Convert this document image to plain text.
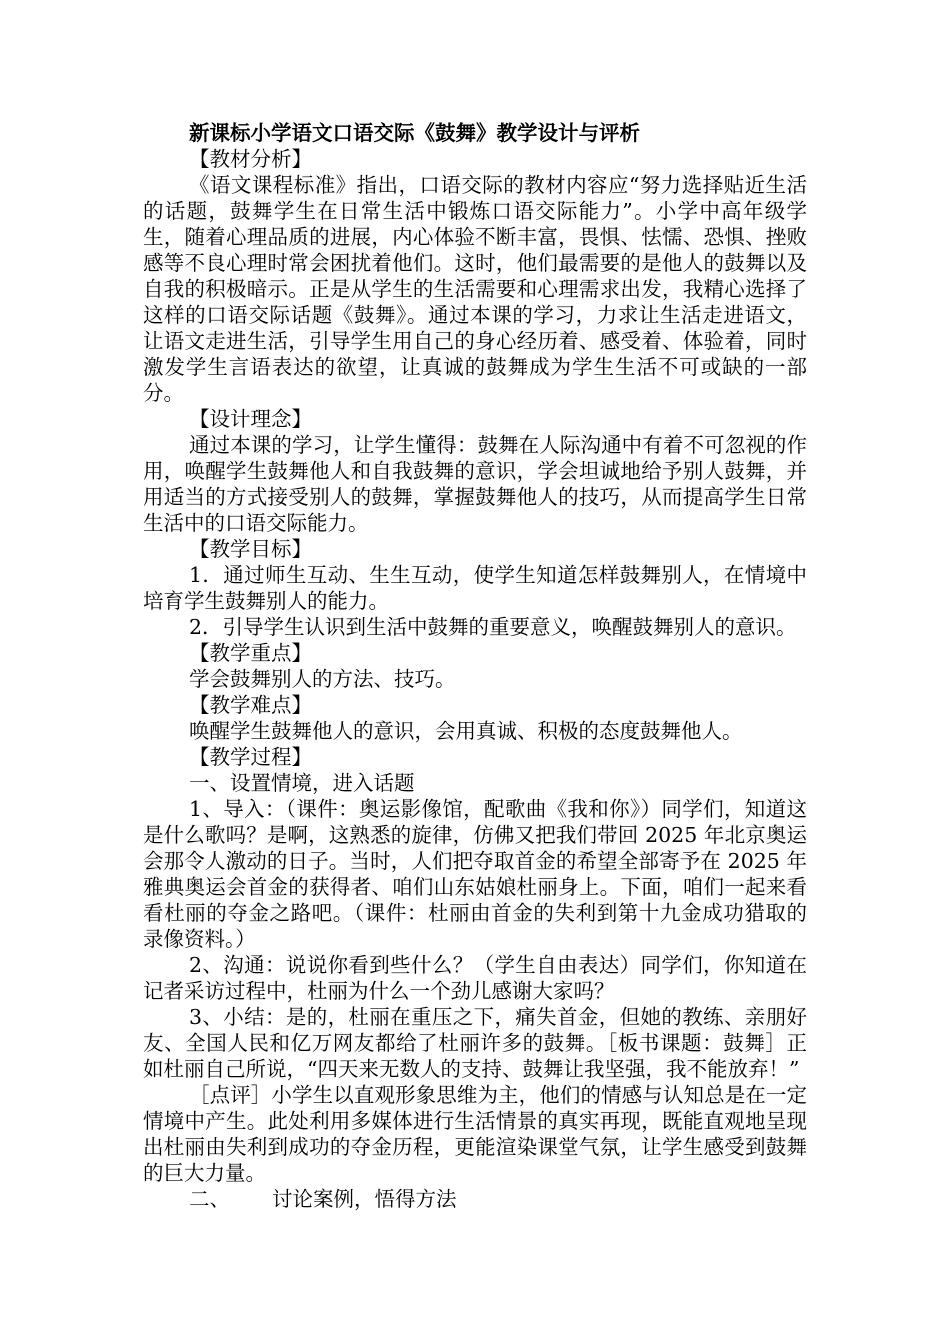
新课标小学语文口语交际《鼓舞》教学设计与评析

【教材分析】

《语文课程标准》指出，口语交际的教材内容应“努力选择贴近生活的话题，鼓舞学生在日常生活中锻炼口语交际能力”。小学中高年级学生，随着心理品质的进展，内心体验不断丰富，畏惧、怯懦、恐惧、挫败感等不良心理时常会困扰着他们。这时，他们最需要的是他人的鼓舞以及自我的积极暗示。正是从学生的生活需要和心理需求出发，我精心选择了这样的口语交际话题《鼓舞》。通过本课的学习，力求让生活走进语文，让语文走进生活，引导学生用自己的身心经历着、感受着、体验着，同时激发学生言语表达的欲望，让真诚的鼓舞成为学生生活不可或缺的一部分。

【设计理念】

通过本课的学习，让学生懂得：鼓舞在人际沟通中有着不可忽视的作用，唤醒学生鼓舞他人和自我鼓舞的意识，学会坦诚地给予别人鼓舞，并用适当的方式接受别人的鼓舞，掌握鼓舞他人的技巧，从而提高学生日常生活中的口语交际能力。

【教学目标】

1．通过师生互动、生生互动，使学生知道怎样鼓舞别人，在情境中培育学生鼓舞别人的能力。

2．引导学生认识到生活中鼓舞的重要意义，唤醒鼓舞别人的意识。

【教学重点】

学会鼓舞别人的方法、技巧。

【教学难点】

唤醒学生鼓舞他人的意识，会用真诚、积极的态度鼓舞他人。

【教学过程】

一、设置情境，进入话题

1、导入：（课件：奥运影像馆，配歌曲《我和你》）同学们，知道这是什么歌吗？是啊，这熟悉的旋律，仿佛又把我们带回 2025 年北京奥运会那令人激动的日子。当时，人们把夺取首金的希望全部寄予在 2025 年雅典奥运会首金的获得者、咱们山东姑娘杜丽身上。下面，咱们一起来看看杜丽的夺金之路吧。（课件：杜丽由首金的失利到第十九金成功猎取的录像资料。）

2、沟通：说说你看到些什么？（学生自由表达）同学们，你知道在记者采访过程中，杜丽为什么一个劲儿感谢大家吗？

3、小结：是的，杜丽在重压之下，痛失首金，但她的教练、亲朋好友、全国人民和亿万网友都给了杜丽许多的鼓舞。［板书课题：鼓舞］正如杜丽自己所说，“四天来无数人的支持、鼓舞让我坚强，我不能放弃！”

［点评］小学生以直观形象思维为主，他们的情感与认知总是在一定情境中产生。此处利用多媒体进行生活情景的真实再现，既能直观地呈现出杜丽由失利到成功的夺金历程，更能渲染课堂气氛，让学生感受到鼓舞的巨大力量。

二、 讨论案例，悟得方法
